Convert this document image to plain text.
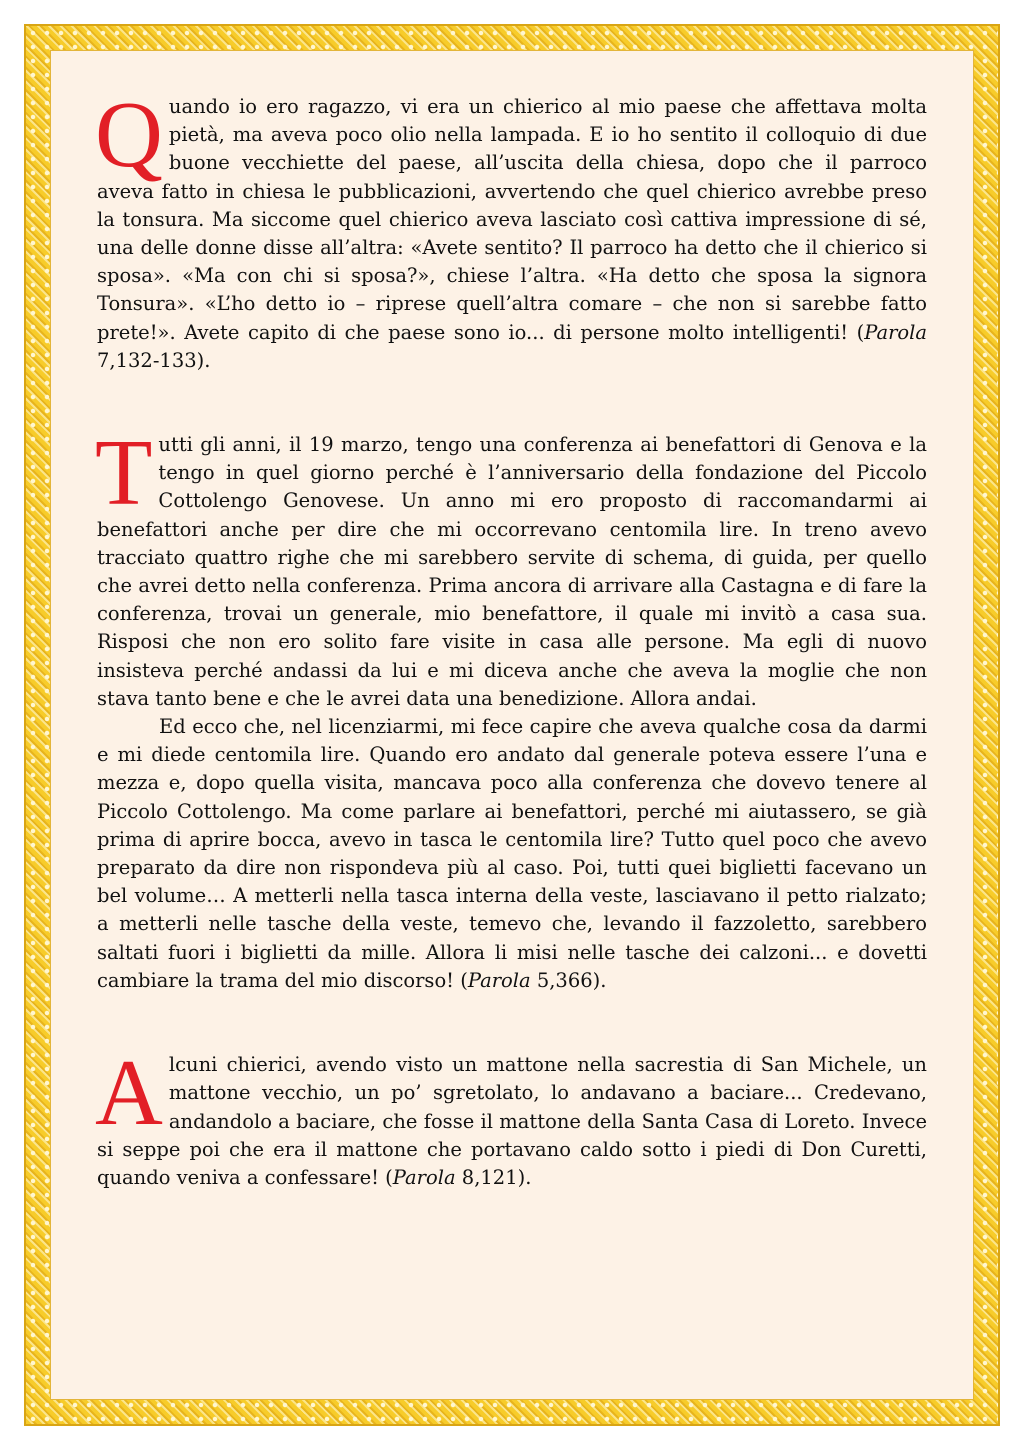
Quando io ero ragazzo, vi era un chierico al mio paese che affettava molta pietà, ma aveva poco olio nella lampada. E io ho sentito il colloquio di due buone vecchiette del paese, all’uscita della chiesa, dopo che il parroco aveva fatto in chiesa le pubblicazioni, avvertendo che quel chierico avrebbe preso la tonsura. Ma siccome quel chierico aveva lasciato così cattiva impressione di sé, una delle donne disse all’altra: «Avete sentito? Il parroco ha detto che il chierico si sposa». «Ma con chi si sposa?», chiese l’altra. «Ha detto che sposa la signora Tonsura». «L’ho detto io – riprese quell’altra comare – che non si sarebbe fatto prete!». Avete capito di che paese sono io... di persone molto intelligenti! (Parola 7,132-133).

Tutti gli anni, il 19 marzo, tengo una conferenza ai benefattori di Genova e la tengo in quel giorno perché è l’anniversario della fondazione del Piccolo Cottolengo Genovese. Un anno mi ero proposto di raccomandarmi ai benefattori anche per dire che mi occorrevano centomila lire. In treno avevo tracciato quattro righe che mi sarebbero servite di schema, di guida, per quello che avrei detto nella conferenza. Prima ancora di arrivare alla Castagna e di fare la conferenza, trovai un generale, mio benefattore, il quale mi invitò a casa sua. Risposi che non ero solito fare visite in casa alle persone. Ma egli di nuovo insisteva perché andassi da lui e mi diceva anche che aveva la moglie che non stava tanto bene e che le avrei data una benedizione. Allora andai.

Ed ecco che, nel licenziarmi, mi fece capire che aveva qualche cosa da darmi e mi diede centomila lire. Quando ero andato dal generale poteva essere l’una e mezza e, dopo quella visita, mancava poco alla conferenza che dovevo tenere al Piccolo Cottolengo. Ma come parlare ai benefattori, perché mi aiutassero, se già prima di aprire bocca, avevo in tasca le centomila lire? Tutto quel poco che avevo preparato da dire non rispondeva più al caso. Poi, tutti quei biglietti facevano un bel volume… A metterli nella tasca interna della veste, lasciavano il petto rialzato; a metterli nelle tasche della veste, temevo che, levando il fazzoletto, sarebbero saltati fuori i biglietti da mille. Allora li misi nelle tasche dei calzoni... e dovetti cambiare la trama del mio discorso! (Parola 5,366).

Alcuni chierici, avendo visto un mattone nella sacrestia di San Michele, un mattone vecchio, un po’ sgretolato, lo andavano a baciare... Credevano, andandolo a baciare, che fosse il mattone della Santa Casa di Loreto. Invece si seppe poi che era il mattone che portavano caldo sotto i piedi di Don Curetti, quando veniva a confessare! (Parola 8,121).
